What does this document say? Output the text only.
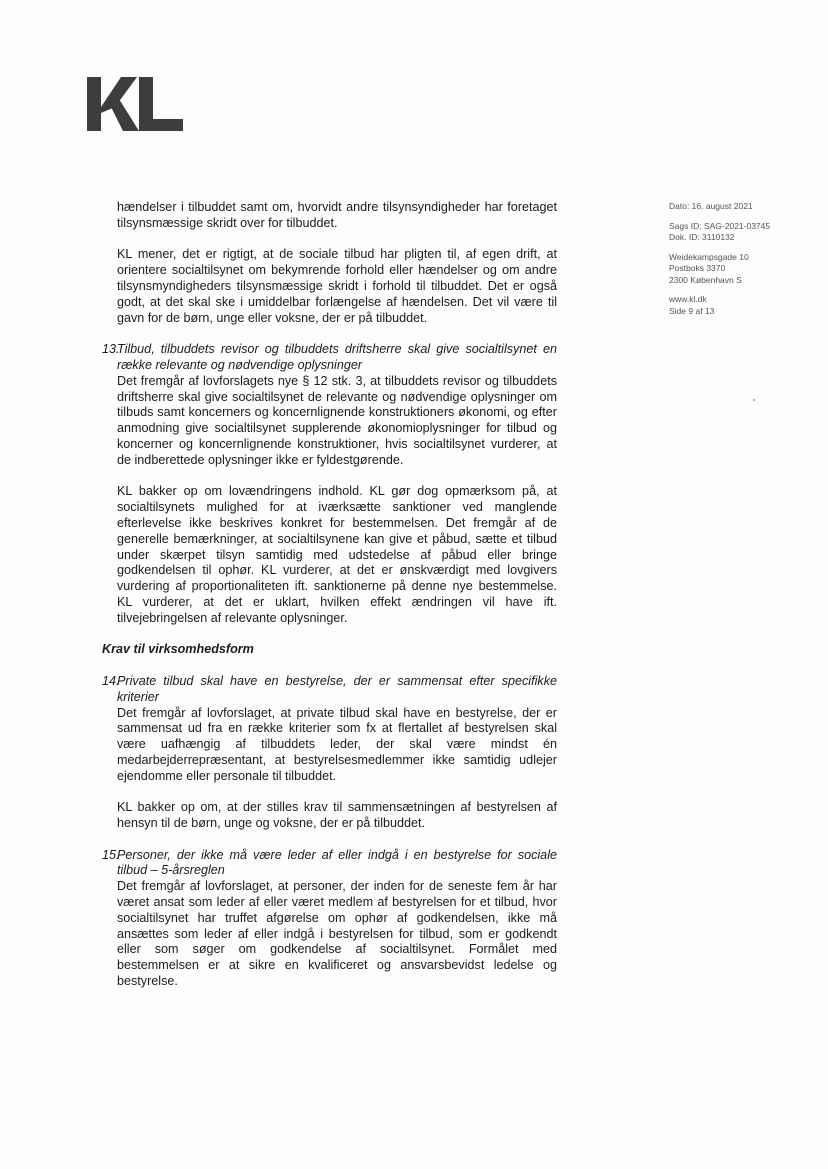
Dato: 16. august 2021
Sags ID: SAG-2021-03745
Dok. ID: 3110132
Weidekampsgade 10
Postboks 3370
2300 København S
www.kl.dk
Side 9 af 13

hændelser i tilbuddet samt om, hvorvidt andre tilsynsyndigheder har foretaget tilsynsmæssige skridt over for tilbuddet.

KL mener, det er rigtigt, at de sociale tilbud har pligten til, af egen drift, at orientere socialtilsynet om bekymrende forhold eller hændelser og om andre tilsynsmyndigheders tilsynsmæssige skridt i forhold til tilbuddet. Det er også godt, at det skal ske i umiddelbar forlængelse af hændelsen. Det vil være til gavn for de børn, unge eller voksne, der er på tilbuddet.

13.
Tilbud, tilbuddets revisor og tilbuddets driftsherre skal give socialtilsynet en række relevante og nødvendige oplysninger

Det fremgår af lovforslagets nye § 12 stk. 3, at tilbuddets revisor og tilbuddets driftsherre skal give socialtilsynet de relevante og nødvendige oplysninger om tilbuds samt koncerners og koncernlignende konstruktioners økonomi, og efter anmodning give socialtilsynet supplerende økonomioplysninger for tilbud og koncerner og koncernlignende konstruktioner, hvis socialtilsynet vurderer, at de indberettede oplysninger ikke er fyldestgørende.

KL bakker op om lovændringens indhold. KL gør dog opmærksom på, at socialtilsynets mulighed for at iværksætte sanktioner ved manglende efterlevelse ikke beskrives konkret for bestemmelsen. Det fremgår af de generelle bemærkninger, at socialtilsynene kan give et påbud, sætte et tilbud under skærpet tilsyn samtidig med udstedelse af påbud eller bringe godkendelsen til ophør. KL vurderer, at det er ønskværdigt med lovgivers vurdering af proportionaliteten ift. sanktionerne på denne nye bestemmelse. KL vurderer, at det er uklart, hvilken effekt ændringen vil have ift. tilvejebringelsen af relevante oplysninger.

Krav til virksomhedsform
14.
Private tilbud skal have en bestyrelse, der er sammensat efter specifikke kriterier

Det fremgår af lovforslaget, at private tilbud skal have en bestyrelse, der er sammensat ud fra en række kriterier som fx at flertallet af bestyrelsen skal være uafhængig af tilbuddets leder, der skal være mindst én medarbejderrepræsentant, at bestyrelsesmedlemmer ikke samtidig udlejer ejendomme eller personale til tilbuddet.

KL bakker op om, at der stilles krav til sammensætningen af bestyrelsen af hensyn til de børn, unge og voksne, der er på tilbuddet.

15.
Personer, der ikke må være leder af eller indgå i en bestyrelse for sociale tilbud – 5-årsreglen

Det fremgår af lovforslaget, at personer, der inden for de seneste fem år har været ansat som leder af eller været medlem af bestyrelsen for et tilbud, hvor socialtilsynet har truffet afgørelse om ophør af godkendelsen, ikke må ansættes som leder af eller indgå i bestyrelsen for tilbud, som er godkendt eller som søger om godkendelse af socialtilsynet. Formålet med bestemmelsen er at sikre en kvalificeret og ansvarsbevidst ledelse og bestyrelse.
